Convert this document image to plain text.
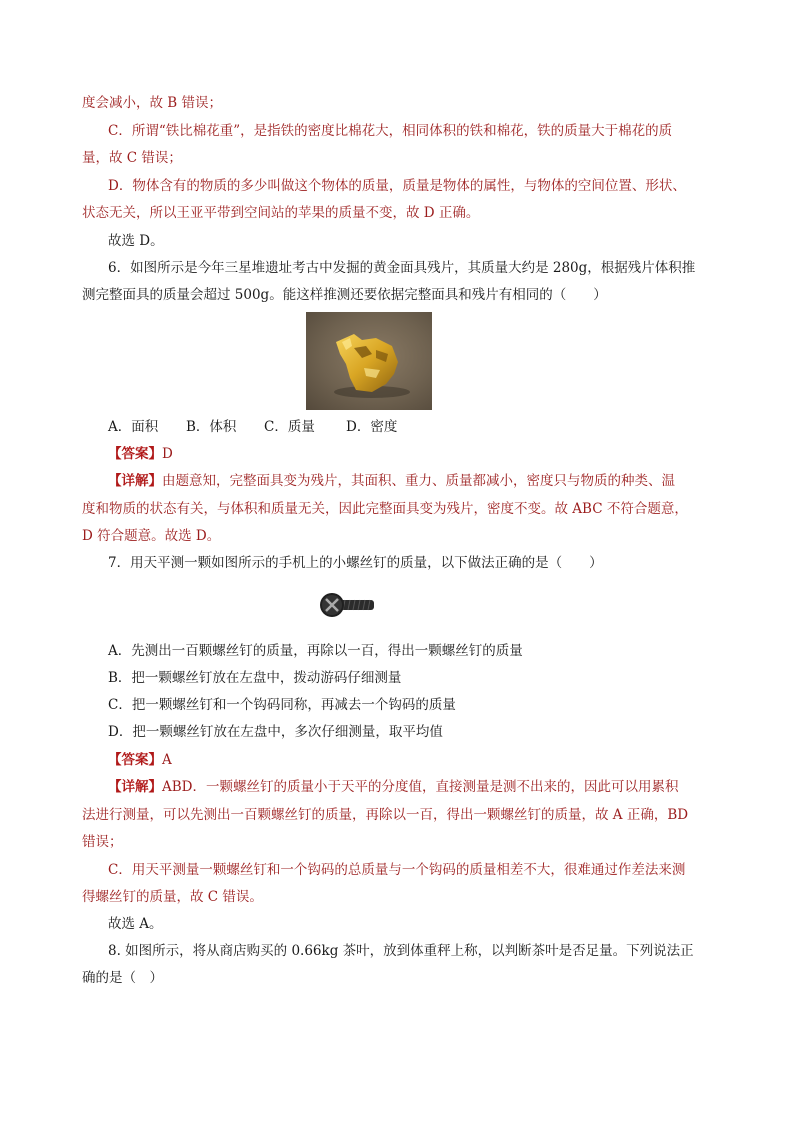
度会减小，故 B 错误；
C．所谓“铁比棉花重”，是指铁的密度比棉花大，相同体积的铁和棉花，铁的质量大于棉花的质
量，故 C 错误；
D．物体含有的物质的多少叫做这个物体的质量，质量是物体的属性，与物体的空间位置、形状、
状态无关，所以王亚平带到空间站的苹果的质量不变，故 D 正确。
故选 D。
6．如图所示是今年三星堆遗址考古中发掘的黄金面具残片，其质量大约是 280g，根据残片体积推
测完整面具的质量会超过 500g。能这样推测还要依据完整面具和残片有相同的（　　）
A．面积 B．体积 C．质量 D．密度
【答案】D
【详解】由题意知，完整面具变为残片，其面积、重力、质量都减小，密度只与物质的种类、温
度和物质的状态有关，与体积和质量无关，因此完整面具变为残片，密度不变。故 ABC 不符合题意，
D 符合题意。故选 D。
7．用天平测一颗如图所示的手机上的小螺丝钉的质量，以下做法正确的是（　　）
A．先测出一百颗螺丝钉的质量，再除以一百，得出一颗螺丝钉的质量
B．把一颗螺丝钉放在左盘中，拨动游码仔细测量
C．把一颗螺丝钉和一个钩码同称，再减去一个钩码的质量
D．把一颗螺丝钉放在左盘中，多次仔细测量，取平均值
【答案】A
【详解】ABD．一颗螺丝钉的质量小于天平的分度值，直接测量是测不出来的，因此可以用累积
法进行测量，可以先测出一百颗螺丝钉的质量，再除以一百，得出一颗螺丝钉的质量，故 A 正确，BD
错误；
C．用天平测量一颗螺丝钉和一个钩码的总质量与一个钩码的质量相差不大，很难通过作差法来测
得螺丝钉的质量，故 C 错误。
故选 A。
8. 如图所示，将从商店购买的 0.66kg 茶叶，放到体重秤上称，以判断茶叶是否足量。下列说法正
确的是（　）
